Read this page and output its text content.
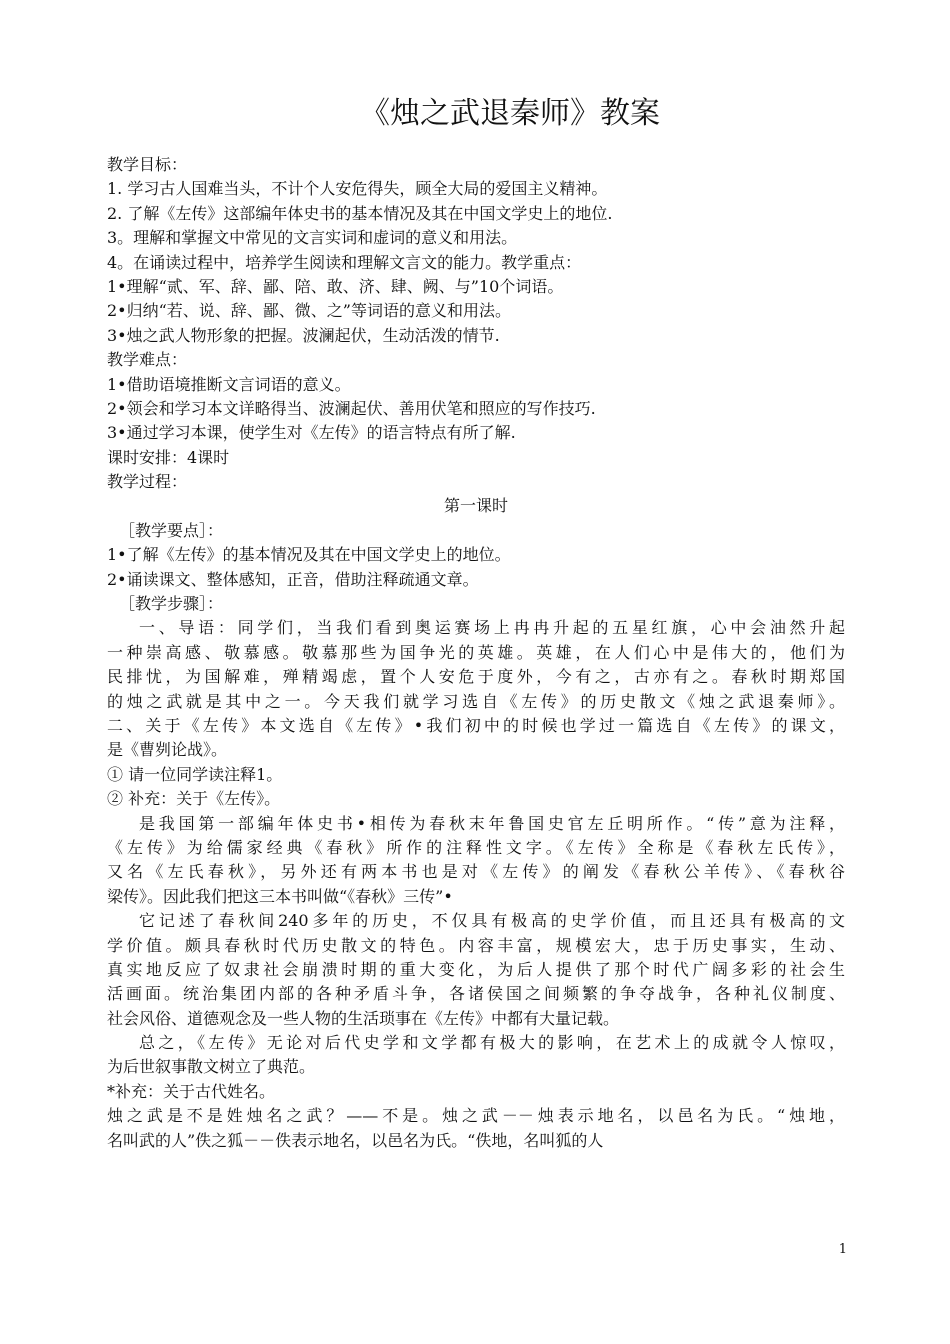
《烛之武退秦师》教案
教学目标：
1. 学习古人国难当头，不计个人安危得失，顾全大局的爱国主义精神。
2. 了解《左传》这部编年体史书的基本情况及其在中国文学史上的地位.
3。理解和掌握文中常见的文言实词和虚词的意义和用法。
4。在诵读过程中，培养学生阅读和理解文言文的能力。教学重点：
1•理解“贰、军、辞、鄙、陪、敢、济、肆、阙、与”10个词语。
2•归纳“若、说、辞、鄙、微、之”等词语的意义和用法。
3•烛之武人物形象的把握。波澜起伏，生动活泼的情节.
教学难点：
1•借助语境推断文言词语的意义。
2•领会和学习本文详略得当、波澜起伏、善用伏笔和照应的写作技巧.
3•通过学习本课，使学生对《左传》的语言特点有所了解.
课时安排：4课时
教学过程：
第一课时
［教学要点］：
1•了解《左传》的基本情况及其在中国文学史上的地位。
2•诵读课文、整体感知，正音，借助注释疏通文章。
［教学步骤］：
一、导语：同学们，当我们看到奥运赛场上冉冉升起的五星红旗，心中会油然升起
一种崇高感、敬慕感。敬慕那些为国争光的英雄。英雄，在人们心中是伟大的，他们为
民排忧，为国解难，殚精竭虑，置个人安危于度外，今有之，古亦有之。春秋时期郑国
的烛之武就是其中之一。今天我们就学习选自《左传》的历史散文《烛之武退秦师》。
二、关于《左传》本文选自《左传》•我们初中的时候也学过一篇选自《左传》的课文，
是《曹刿论战》。
① 请一位同学读注释1。
② 补充：关于《左传》。
是我国第一部编年体史书•相传为春秋末年鲁国史官左丘明所作。“传”意为注释，
《左传》为给儒家经典《春秋》所作的注释性文字。《左传》全称是《春秋左氏传》，
又名《左氏春秋》，另外还有两本书也是对《左传》的阐发《春秋公羊传》、《春秋谷
梁传》。因此我们把这三本书叫做“《春秋》三传”•
它记述了春秋间240多年的历史，不仅具有极高的史学价值，而且还具有极高的文
学价值。颇具春秋时代历史散文的特色。内容丰富，规模宏大，忠于历史事实，生动、
真实地反应了奴隶社会崩溃时期的重大变化，为后人提供了那个时代广阔多彩的社会生
活画面。统治集团内部的各种矛盾斗争，各诸侯国之间频繁的争夺战争，各种礼仪制度、
社会风俗、道德观念及一些人物的生活琐事在《左传》中都有大量记载。
总之，《左传》无论对后代史学和文学都有极大的影响，在艺术上的成就令人惊叹，
为后世叙事散文树立了典范。
*补充：关于古代姓名。
烛之武是不是姓烛名之武？——不是。烛之武－－烛表示地名，以邑名为氏。“烛地，
名叫武的人”佚之狐－－佚表示地名，以邑名为氏。“佚地，名叫狐的人
1
